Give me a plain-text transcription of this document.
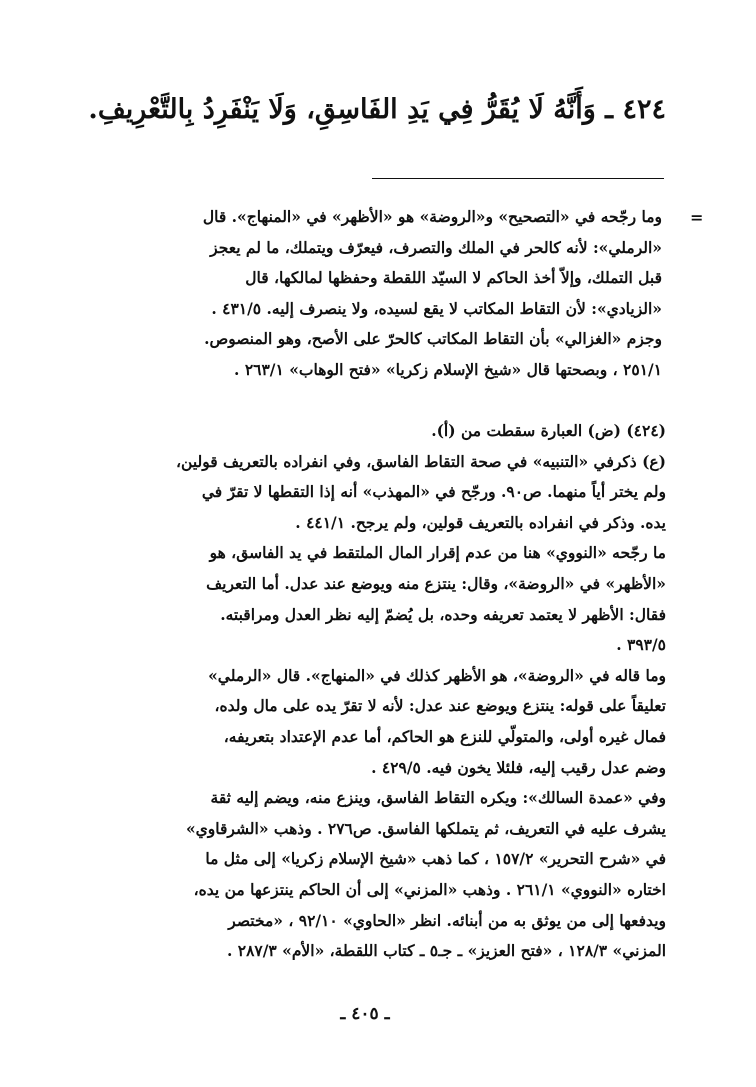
٤٢٤ ـ وَأَنَّهُ لَا يُقَرُّ فِي يَدِ الفَاسِقِ، وَلَا يَنْفَرِدُ بِالتَّعْرِيفِ.
=
وما رجّحه في «التصحيح» و«الروضة» هو «الأظهر» في «المنهاج». قال
«الرملي»: لأنه كالحر في الملك والتصرف، فيعرّف ويتملك، ما لم يعجز
قبل التملك، وإلاّ أخذ الحاكم لا السيّد اللقطة وحفظها لمالكها، قال
«الزيادي»: لأن التقاط المكاتب لا يقع لسيده، ولا ينصرف إليه. ٤٣١/٥ .
وجزم «الغزالي» بأن التقاط المكاتب كالحرّ على الأصح، وهو المنصوص.
٢٥١/١ ، وبصحتها قال «شيخ الإسلام زكريا» «فتح الوهاب» ٢٦٣/١ .
(٤٢٤) (ض) العبارة سقطت من (أ).
(ع) ذكرفي «التنبيه» في صحة التقاط الفاسق، وفي انفراده بالتعريف قولين،
ولم يختر أياً منهما. ص٩٠. ورجّح في «المهذب» أنه إذا التقطها لا تقرّ في
يده. وذكر في انفراده بالتعريف قولين، ولم يرجح. ٤٤١/١ .
ما رجّحه «النووي» هنا من عدم إقرار المال الملتقط في يد الفاسق، هو
«الأظهر» في «الروضة»، وقال: ينتزع منه ويوضع عند عدل. أما التعريف
فقال: الأظهر لا يعتمد تعريفه وحده، بل يُضمّ إليه نظر العدل ومراقبته.
٣٩٣/٥ .
وما قاله في «الروضة»، هو الأظهر كذلك في «المنهاج». قال «الرملي»
تعليقاً على قوله: ينتزع ويوضع عند عدل: لأنه لا تقرّ يده على مال ولده،
فمال غيره أولى، والمتولّي للنزع هو الحاكم، أما عدم الإعتداد بتعريفه،
وضم عدل رقيب إليه، فلئلا يخون فيه. ٤٢٩/٥ .
وفي «عمدة السالك»: ويكره التقاط الفاسق، وينزع منه، ويضم إليه ثقة
يشرف عليه في التعريف، ثم يتملكها الفاسق. ص٢٧٦ . وذهب «الشرقاوي»
في «شرح التحرير» ١٥٧/٢ ، كما ذهب «شيخ الإسلام زكريا» إلى مثل ما
اختاره «النووي» ٢٦١/١ . وذهب «المزني» إلى أن الحاكم ينتزعها من يده،
ويدفعها إلى من يوثق به من أبنائه. انظر «الحاوي» ٩٢/١٠ ، «مختصر
المزني» ١٢٨/٣ ، «فتح العزيز» ـ جـ٥ ـ كتاب اللقطة، «الأم» ٢٨٧/٣ .
ـ ٤٠٥ ـ
